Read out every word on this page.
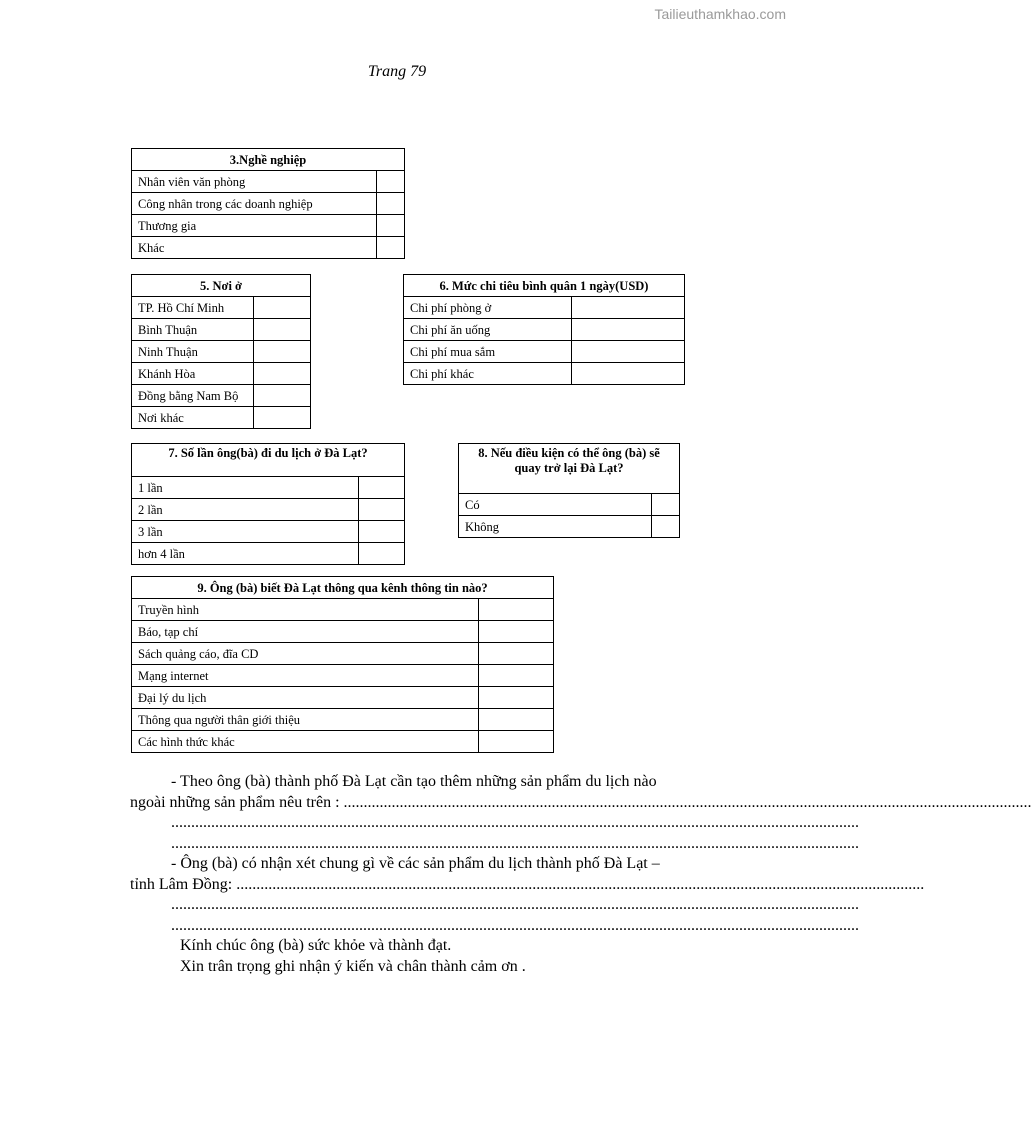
Tailieuthamkhao.com
Trang 79
3.Nghề nghiệp	
Nhân viên văn phòng	
Công nhân trong các doanh nghiệp	
Thương gia	
Khác	
5. Nơi ở	
TP. Hồ Chí Minh	
Bình Thuận	
Ninh Thuận	
Khánh Hòa	
Đồng bằng Nam Bộ	
Nơi khác	
6. Mức chi tiêu bình quân 1 ngày(USD)	
Chi phí phòng ở	
Chi phí ăn uống	
Chi phí mua sắm	
Chi phí khác	
7. Số lần ông(bà) đi du lịch ở Đà Lạt?	
1 lần	
2 lần	
3 lần	
hơn 4 lần	
8. Nếu điều kiện có thể ông (bà) sẽ quay trở lại Đà Lạt?	
Có	
Không	
9. Ông (bà) biết Đà Lạt thông qua kênh thông tin nào?	
Truyền hình	
Báo, tạp chí	
Sách quảng cáo, đĩa CD	
Mạng internet	
Đại lý du lịch	
Thông qua người thân giới thiệu	
Các hình thức khác	
- Theo ông (bà) thành phố Đà Lạt cần tạo thêm những sản phẩm du lịch nào
ngoài những sản phẩm nêu trên : ............................................................................................................................................................................
............................................................................................................................................................................
............................................................................................................................................................................
- Ông (bà) có nhận xét chung gì về các sản phẩm du lịch thành phố Đà Lạt –
tỉnh Lâm Đồng: ............................................................................................................................................................................
............................................................................................................................................................................
............................................................................................................................................................................
Kính chúc ông (bà) sức khỏe và thành đạt.
Xin trân trọng ghi nhận ý kiến và chân thành cảm ơn .
